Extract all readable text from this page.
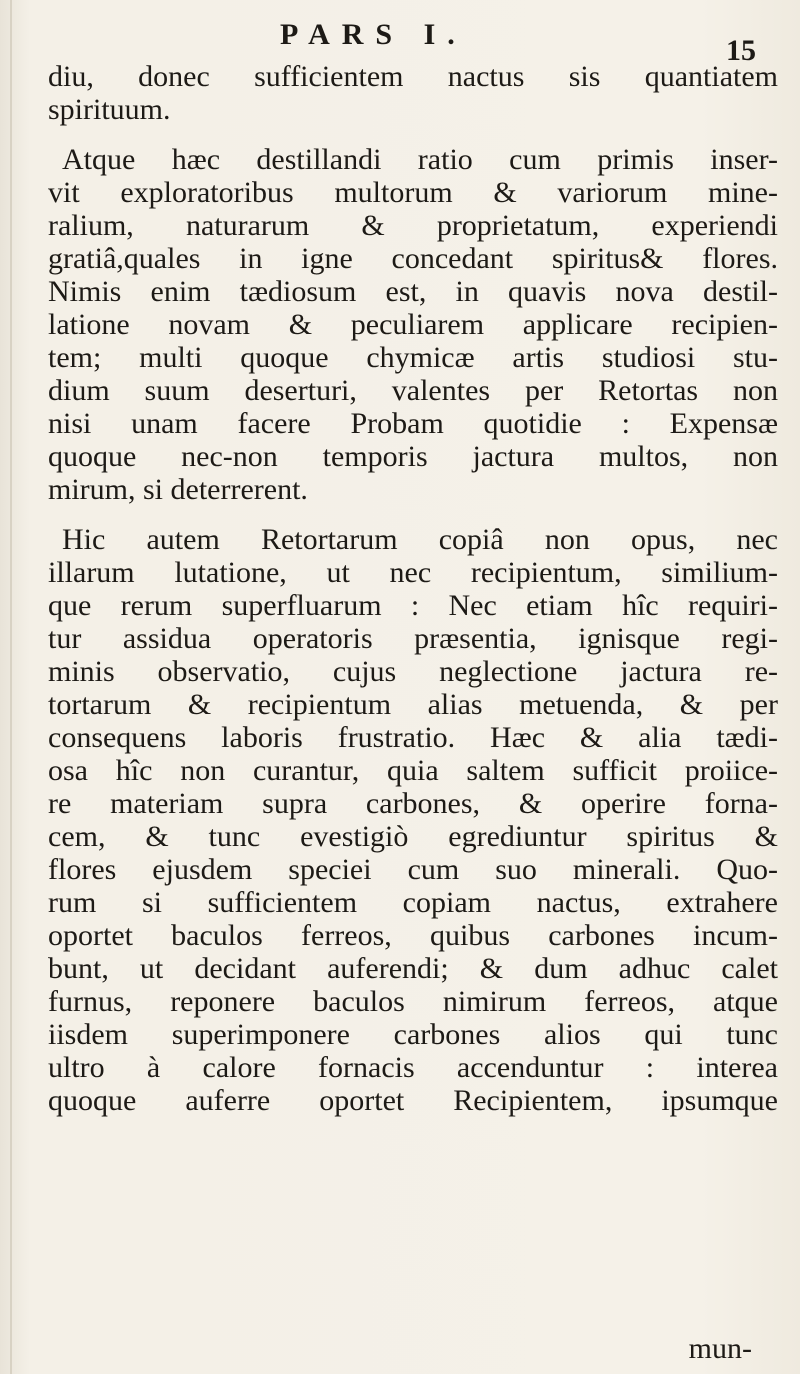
PARS I.	15
diu, donec sufficientem nactus sis quantiatem
spirituum.
Atque hæc destillandi ratio cum primis inser-
vit exploratoribus multorum & variorum mine-
ralium, naturarum & proprietatum, experiendi
gratiâ,quales in igne concedant spiritus& flores.
Nimis enim tædiosum est, in quavis nova destil-
latione novam & peculiarem applicare recipien-
tem; multi quoque chymicæ artis studiosi stu-
dium suum deserturi, valentes per Retortas non
nisi unam facere Probam quotidie : Expensæ
quoque nec-non temporis jactura multos, non
mirum, si deterrerent.
Hic autem Retortarum copiâ non opus, nec
illarum lutatione, ut nec recipientum, similium-
que rerum superfluarum : Nec etiam hîc requiri-
tur assidua operatoris præsentia, ignisque regi-
minis observatio, cujus neglectione jactura re-
tortarum & recipientum alias metuenda, & per
consequens laboris frustratio. Hæc & alia tædi-
osa hîc non curantur, quia saltem sufficit proiice-
re materiam supra carbones, & operire forna-
cem, & tunc evestigiò egrediuntur spiritus &
flores ejusdem speciei cum suo minerali. Quo-
rum si sufficientem copiam nactus, extrahere
oportet baculos ferreos, quibus carbones incum-
bunt, ut decidant auferendi; & dum adhuc calet
furnus, reponere baculos nimirum ferreos, atque
iisdem superimponere carbones alios qui tunc
ultro à calore fornacis accenduntur : interea
quoque auferre oportet Recipientem, ipsumque
mun-
